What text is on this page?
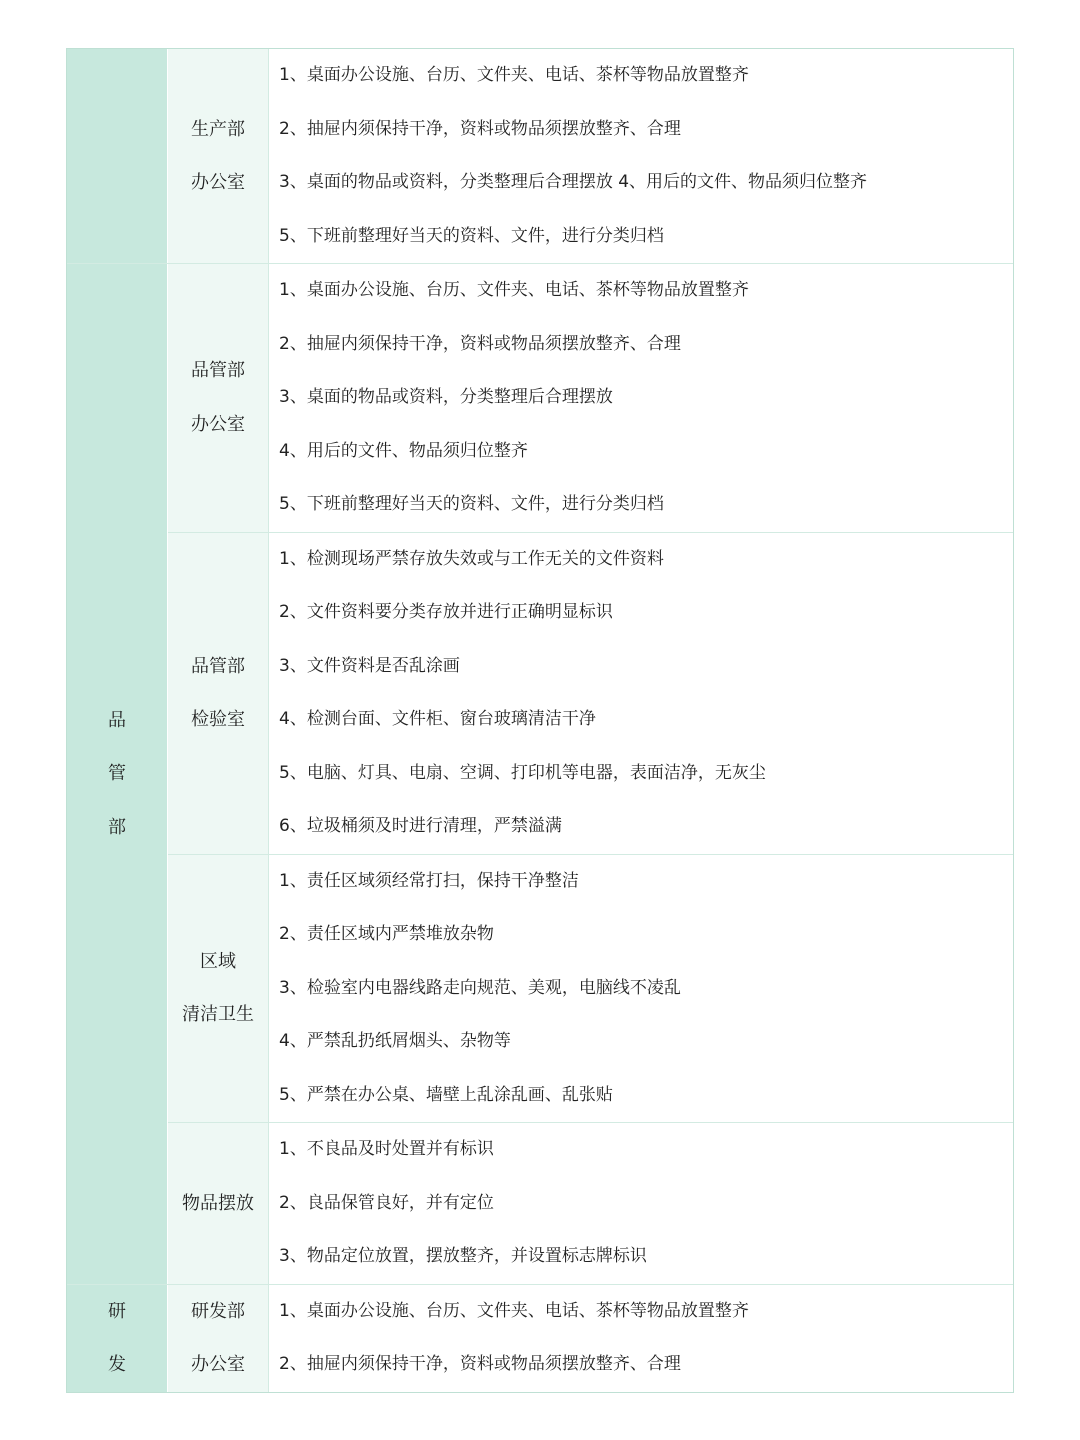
生产部
办公室
1、桌面办公设施、台历、文件夹、电话、茶杯等物品放置整齐
2、抽屉内须保持干净，资料或物品须摆放整齐、合理
3、桌面的物品或资料，分类整理后合理摆放 4、用后的文件、物品须归位整齐
5、下班前整理好当天的资料、文件，进行分类归档
品
管
部
品管部
办公室
1、桌面办公设施、台历、文件夹、电话、茶杯等物品放置整齐
2、抽屉内须保持干净，资料或物品须摆放整齐、合理
3、桌面的物品或资料，分类整理后合理摆放
4、用后的文件、物品须归位整齐
5、下班前整理好当天的资料、文件，进行分类归档
品管部
检验室
1、检测现场严禁存放失效或与工作无关的文件资料
2、文件资料要分类存放并进行正确明显标识
3、文件资料是否乱涂画
4、检测台面、文件柜、窗台玻璃清洁干净
5、电脑、灯具、电扇、空调、打印机等电器，表面洁净，无灰尘
6、垃圾桶须及时进行清理，严禁溢满
区域
清洁卫生
1、责任区域须经常打扫，保持干净整洁
2、责任区域内严禁堆放杂物
3、检验室内电器线路走向规范、美观，电脑线不凌乱
4、严禁乱扔纸屑烟头、杂物等
5、严禁在办公桌、墙壁上乱涂乱画、乱张贴
物品摆放
1、不良品及时处置并有标识
2、良品保管良好，并有定位
3、物品定位放置，摆放整齐，并设置标志牌标识
研
发
研发部
办公室
1、桌面办公设施、台历、文件夹、电话、茶杯等物品放置整齐
2、抽屉内须保持干净，资料或物品须摆放整齐、合理
